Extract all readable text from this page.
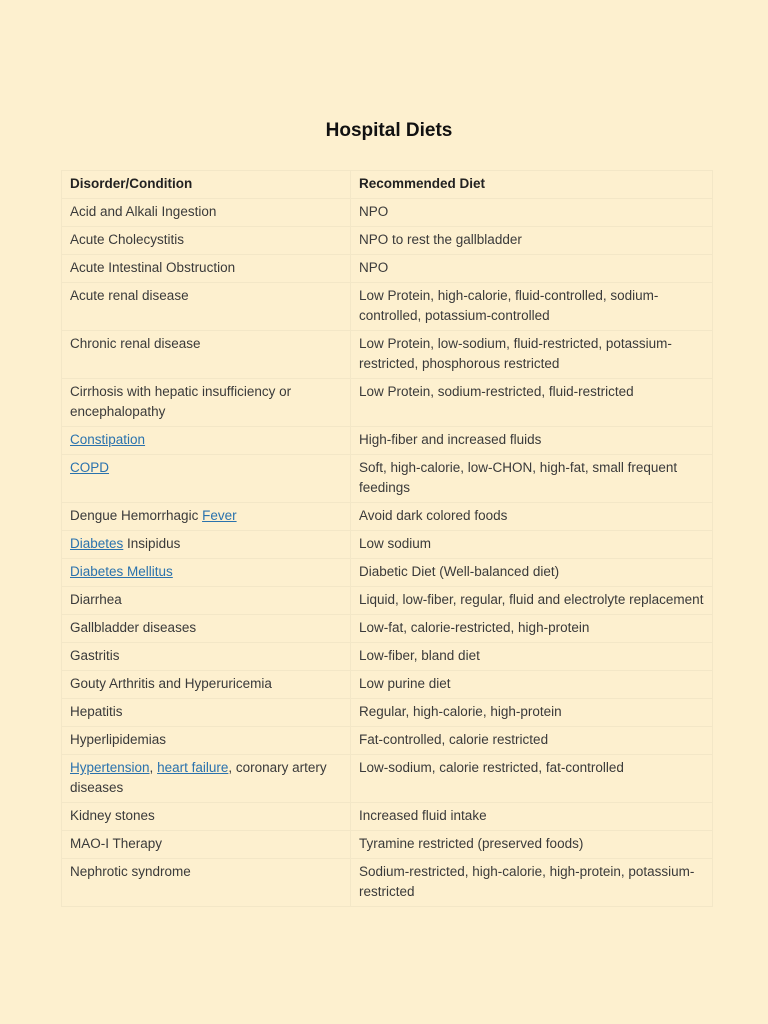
Hospital Diets
Disorder/Condition	Recommended Diet
Acid and Alkali Ingestion	NPO
Acute Cholecystitis	NPO to rest the gallbladder
Acute Intestinal Obstruction	NPO
Acute renal disease	Low Protein, high-calorie, fluid-controlled, sodium-controlled, potassium-controlled
Chronic renal disease	Low Protein, low-sodium, fluid-restricted, potassium-restricted, phosphorous restricted
Cirrhosis with hepatic insufficiency or encephalopathy	Low Protein, sodium-restricted, fluid-restricted
Constipation	High-fiber and increased fluids
COPD	Soft, high-calorie, low-CHON, high-fat, small frequent feedings
Dengue Hemorrhagic Fever	Avoid dark colored foods
Diabetes Insipidus	Low sodium
Diabetes Mellitus	Diabetic Diet (Well-balanced diet)
Diarrhea	Liquid, low-fiber, regular, fluid and electrolyte replacement
Gallbladder diseases	Low-fat, calorie-restricted, high-protein
Gastritis	Low-fiber, bland diet
Gouty Arthritis and Hyperuricemia	Low purine diet
Hepatitis	Regular, high-calorie, high-protein
Hyperlipidemias	Fat-controlled, calorie restricted
Hypertension, heart failure, coronary artery diseases	Low-sodium, calorie restricted, fat-controlled
Kidney stones	Increased fluid intake
MAO-I Therapy	Tyramine restricted (preserved foods)
Nephrotic syndrome	Sodium-restricted, high-calorie, high-protein, potassium-restricted
